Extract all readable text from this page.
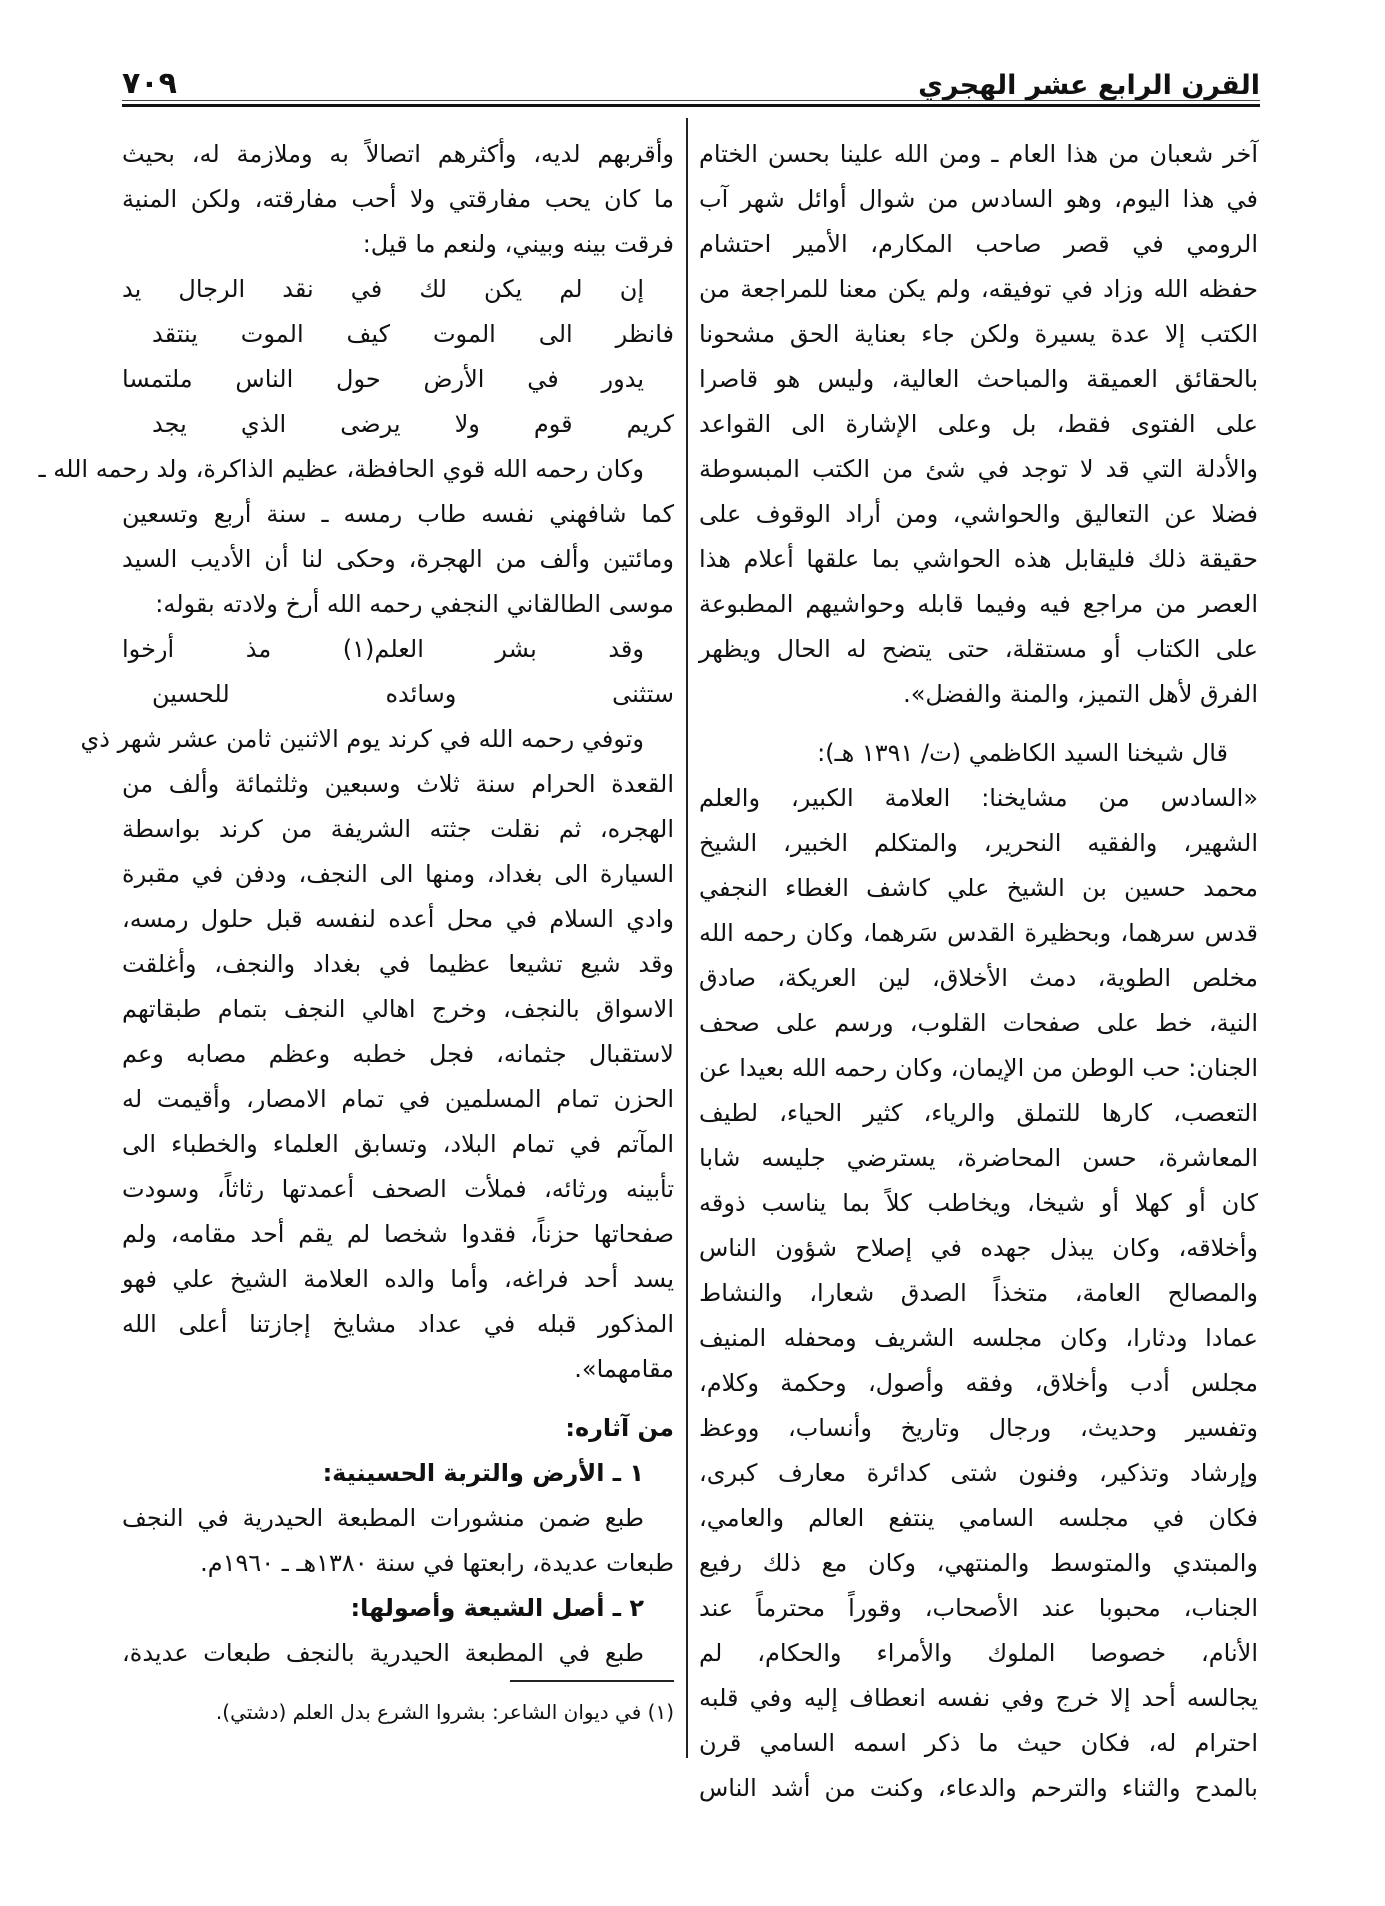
القرن الرابع عشر الهجري
٧٠٩
آخر شعبان من هذا العام ـ ومن الله علينا بحسن الختام
في هذا اليوم، وهو السادس من شوال أوائل شهر آب
الرومي في قصر صاحب المكارم، الأمير احتشام
حفظه الله وزاد في توفيقه، ولم يكن معنا للمراجعة من
الكتب إلا عدة يسيرة ولكن جاء بعناية الحق مشحونا
بالحقائق العميقة والمباحث العالية، وليس هو قاصرا
على الفتوى فقط، بل وعلى الإشارة الى القواعد
والأدلة التي قد لا توجد في شئ من الكتب المبسوطة
فضلا عن التعاليق والحواشي، ومن أراد الوقوف على
حقيقة ذلك فليقابل هذه الحواشي بما علقها أعلام هذا
العصر من مراجع فيه وفيما قابله وحواشيهم المطبوعة
على الكتاب أو مستقلة، حتى يتضح له الحال ويظهر
الفرق لأهل التميز، والمنة والفضل».
قال شيخنا السيد الكاظمي (ت/ ١٣٩١ هـ):
«السادس من مشايخنا: العلامة الكبير، والعلم
الشهير، والفقيه النحرير، والمتكلم الخبير، الشيخ
محمد حسين بن الشيخ علي كاشف الغطاء النجفي
قدس سرهما، وبحظيرة القدس سَرهما، وكان رحمه الله
مخلص الطوية، دمث الأخلاق، لين العريكة، صادق
النية، خط على صفحات القلوب، ورسم على صحف
الجنان: حب الوطن من الإيمان، وكان رحمه الله بعيدا عن
التعصب، كارها للتملق والرياء، كثير الحياء، لطيف
المعاشرة، حسن المحاضرة، يسترضي جليسه شابا
كان أو كهلا أو شيخا، ويخاطب كلاً بما يناسب ذوقه
وأخلاقه، وكان يبذل جهده في إصلاح شؤون الناس
والمصالح العامة، متخذاً الصدق شعارا، والنشاط
عمادا ودثارا، وكان مجلسه الشريف ومحفله المنيف
مجلس أدب وأخلاق، وفقه وأصول، وحكمة وكلام،
وتفسير وحديث، ورجال وتاريخ وأنساب، ووعظ
وإرشاد وتذكير، وفنون شتى كدائرة معارف كبرى،
فكان في مجلسه السامي ينتفع العالم والعامي،
والمبتدي والمتوسط والمنتهي، وكان مع ذلك رفيع
الجناب، محبوبا عند الأصحاب، وقوراً محترماً عند
الأنام، خصوصا الملوك والأمراء والحكام، لم
يجالسه أحد إلا خرج وفي نفسه انعطاف إليه وفي قلبه
احترام له، فكان حيث ما ذكر اسمه السامي قرن
بالمدح والثناء والترحم والدعاء، وكنت من أشد الناس
وأقربهم لديه، وأكثرهم اتصالاً به وملازمة له، بحيث
ما كان يحب مفارقتي ولا أحب مفارقته، ولكن المنية
فرقت بينه وبيني، ولنعم ما قيل:
إن لم يكن لك في نقد الرجال يد
فانظر الى الموت كيف الموت ينتقد
يدور في الأرض حول الناس ملتمسا
كريم قوم ولا يرضى الذي يجد
وكان رحمه الله قوي الحافظة، عظيم الذاكرة، ولد رحمه الله ـ
كما شافهني نفسه طاب رمسه ـ سنة أربع وتسعين
ومائتين وألف من الهجرة، وحكى لنا أن الأديب السيد
موسى الطالقاني النجفي رحمه الله أرخ ولادته بقوله:
وقد بشر العلم(١) مذ أرخوا
ستثنى وسائده للحسين
وتوفي رحمه الله في كرند يوم الاثنين ثامن عشر شهر ذي
القعدة الحرام سنة ثلاث وسبعين وثلثمائة وألف من
الهجره، ثم نقلت جثته الشريفة من كرند بواسطة
السيارة الى بغداد، ومنها الى النجف، ودفن في مقبرة
وادي السلام في محل أعده لنفسه قبل حلول رمسه،
وقد شيع تشيعا عظيما في بغداد والنجف، وأغلقت
الاسواق بالنجف، وخرج اهالي النجف بتمام طبقاتهم
لاستقبال جثمانه، فجل خطبه وعظم مصابه وعم
الحزن تمام المسلمين في تمام الامصار، وأقيمت له
المآتم في تمام البلاد، وتسابق العلماء والخطباء الى
تأبينه ورثائه، فملأت الصحف أعمدتها رثاثاً، وسودت
صفحاتها حزناً، فقدوا شخصا لم يقم أحد مقامه، ولم
يسد أحد فراغه، وأما والده العلامة الشيخ علي فهو
المذكور قبله في عداد مشايخ إجازتنا أعلى الله
مقامهما».
من آثاره:
١ ـ الأرض والتربة الحسينية:
طبع ضمن منشورات المطبعة الحيدرية في النجف
طبعات عديدة، رابعتها في سنة ١٣٨٠هـ ـ ١٩٦٠م.
٢ ـ أصل الشيعة وأصولها:
طبع في المطبعة الحيدرية بالنجف طبعات عديدة،
(١) في ديوان الشاعر: بشروا الشرع بدل العلم (دشتي).
